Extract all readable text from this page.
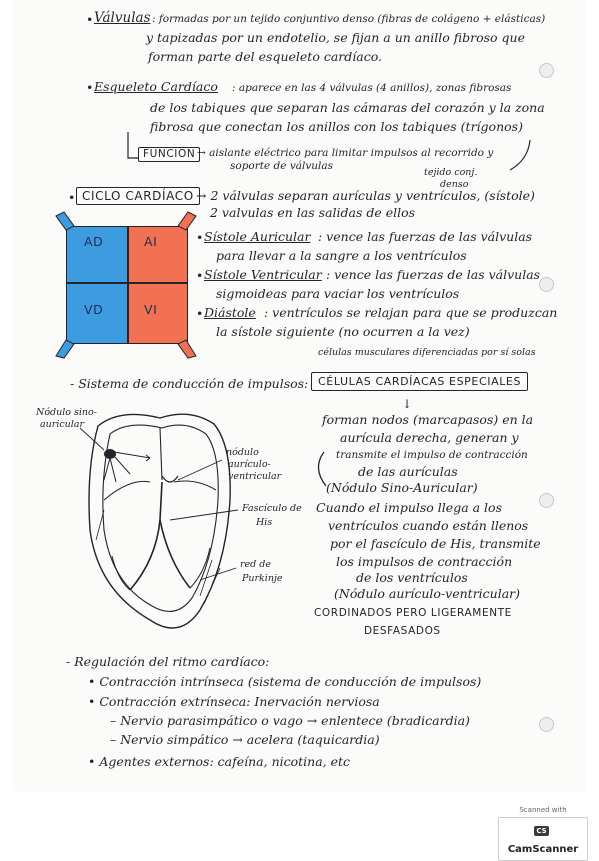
• Válvulas : formadas por un tejido conjuntivo denso (fibras de colágeno + elásticas)

y tapizadas por un endotelio, se fijan a un anillo fibroso que

forman parte del esqueleto cardíaco.

• Esqueleto Cardíaco : aparece en las 4 válvulas (4 anillos), zonas fibrosas

de los tabiques que separan las cámaras del corazón y la zona

fibrosa que conectan los anillos con los tabiques (trígonos)

FUNCIÓN → aislante eléctrico para limitar impulsos al recorrido y

soporte de válvulas

tejido conj.

denso

• CICLO CARDÍACO → 2 válvulas separan aurículas y ventrículos, (sístole)

2 valvulas en las salidas de ellos

AD	AI

VD	VI

• Sístole Auricular : vence las fuerzas de las válvulas

para llevar a la sangre a los ventrículos

• Sístole Ventricular : vence las fuerzas de las válvulas

sigmoideas para vaciar los ventrículos

• Diástole : ventrículos se relajan para que se produzcan

la sístole siguiente (no ocurren a la vez)

células musculares diferenciadas por sí solas

- Sistema de conducción de impulsos: CÉLULAS CARDÍACAS ESPECIALES

↓

forman nodos (marcapasos) en la

aurícula derecha, generan y

transmite el impulso de contracción

de las aurículas

(Nódulo Sino-Auricular)

Cuando el impulso llega a los

ventrículos cuando están llenos

por el fascículo de His, transmite

los impulsos de contracción

de los ventrículos

(Nódulo aurículo-ventricular)

CORDINADOS PERO LIGERAMENTE

DESFASADOS

Nódulo sino-

auricular

nódulo

aurículo-

ventricular

Fascículo de

His

red de

Purkinje

- Regulación del ritmo cardíaco:

• Contracción intrínseca (sistema de conducción de impulsos)

• Contracción extrínseca: Inervación nerviosa

– Nervio parasimpático o vago → enlentece (bradicardia)

– Nervio simpático → acelera (taquicardia)

• Agentes externos: cafeína, nicotina, etc

Scanned with
CSCamScanner
